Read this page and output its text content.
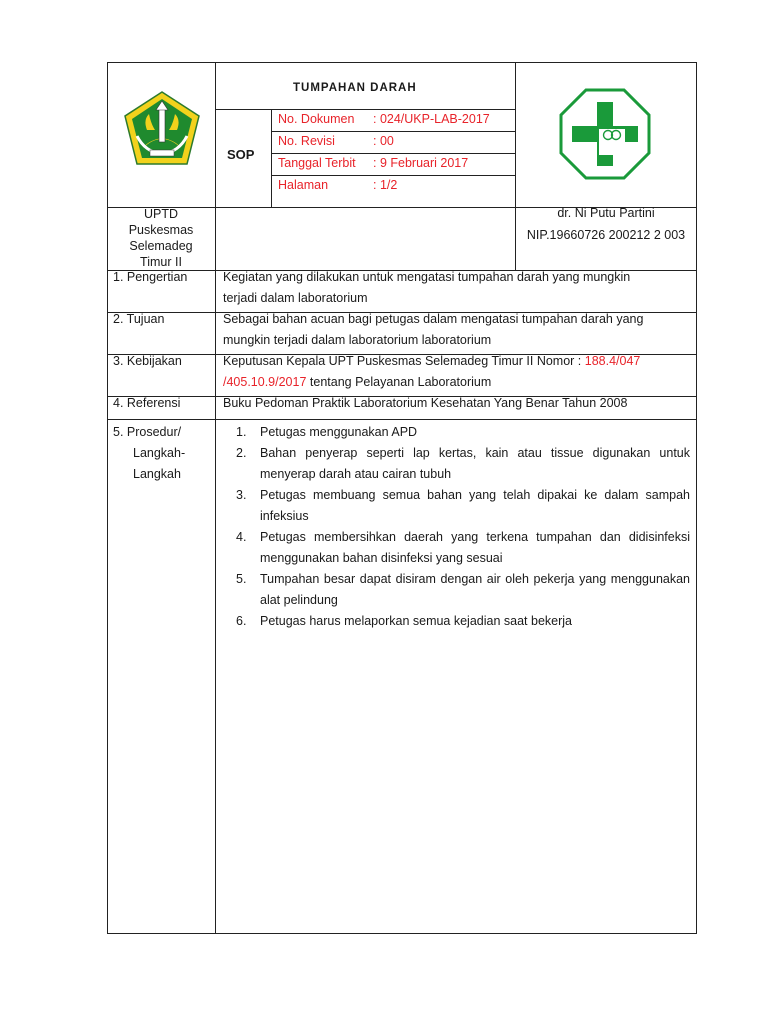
TUMPAHAN DARAH
SOP
No. Dokumen : 024/UKP-LAB-2017
No. Revisi	: 00
Tanggal Terbit : 9 Februari 2017
Halaman	: 1/2
UPTD
Puskesmas
Selemadeg
Timur II
dr. Ni Putu Partini
NIP.19660726 200212 2 003
1. Pengertian	Kegiatan yang dilakukan untuk mengatasi tumpahan darah yang mungkin
terjadi dalam laboratorium
2. Tujuan	Sebagai bahan acuan bagi petugas dalam mengatasi tumpahan darah yang
mungkin terjadi dalam laboratorium laboratorium
3. Kebijakan	Keputusan Kepala UPT Puskesmas Selemadeg Timur II Nomor : 188.4/047
/405.10.9/2017 tentang Pelayanan Laboratorium
4. Referensi	Buku Pedoman Praktik Laboratorium Kesehatan Yang Benar Tahun 2008
5. Prosedur/
Langkah-
Langkah
1. Petugas menggunakan APD
2. Bahan penyerap seperti lap kertas, kain atau tissue digunakan untuk menyerap darah atau cairan tubuh
3. Petugas membuang semua bahan yang telah dipakai ke dalam sampah infeksius
4. Petugas membersihkan daerah yang terkena tumpahan dan didisinfeksi menggunakan bahan disinfeksi yang sesuai
5. Tumpahan besar dapat disiram dengan air oleh pekerja yang menggunakan alat pelindung
6. Petugas harus melaporkan semua kejadian saat bekerja
